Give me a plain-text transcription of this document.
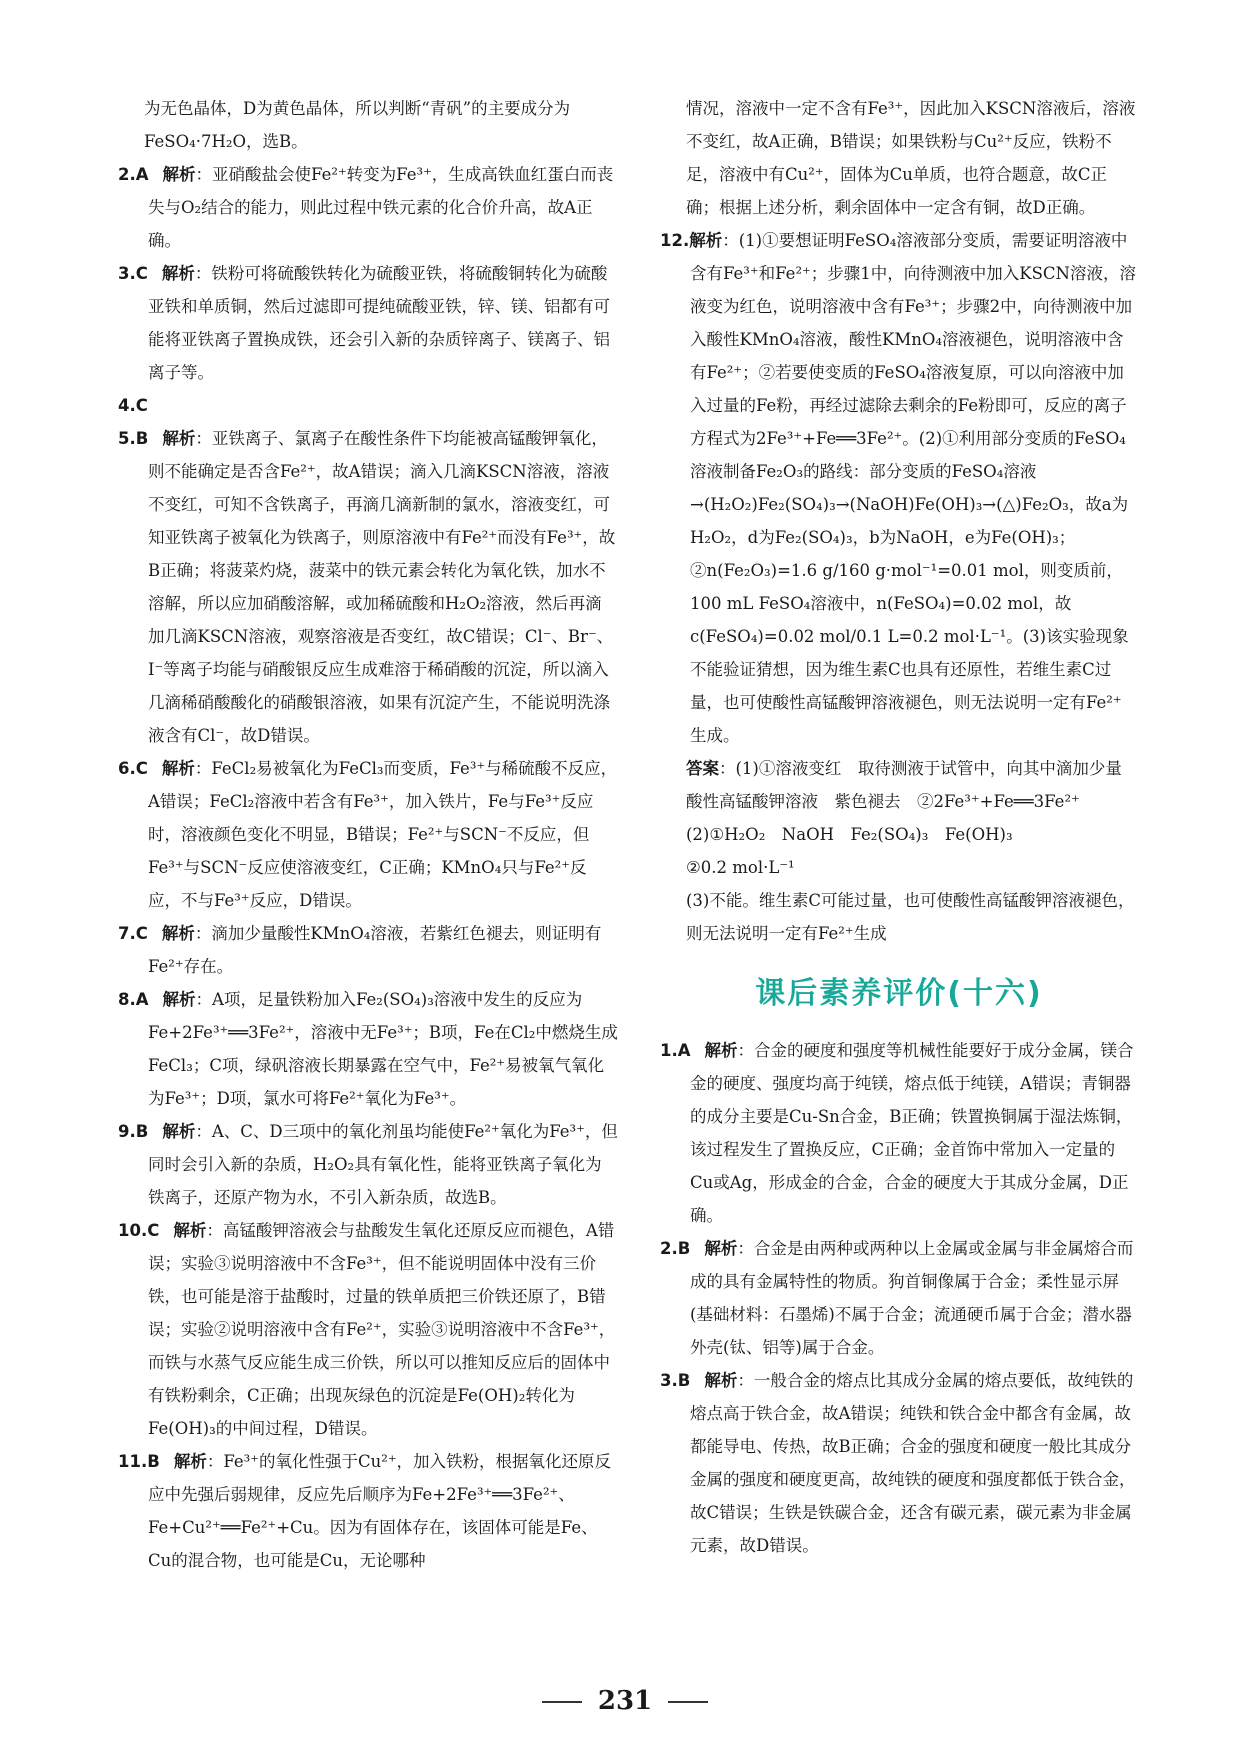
为无色晶体，D为黄色晶体，所以判断“青矾”的主要成分为FeSO₄·7H₂O，选B。

2.A 解析：亚硝酸盐会使Fe²⁺转变为Fe³⁺，生成高铁血红蛋白而丧失与O₂结合的能力，则此过程中铁元素的化合价升高，故A正确。

3.C 解析：铁粉可将硫酸铁转化为硫酸亚铁，将硫酸铜转化为硫酸亚铁和单质铜，然后过滤即可提纯硫酸亚铁，锌、镁、铝都有可能将亚铁离子置换成铁，还会引入新的杂质锌离子、镁离子、铝离子等。

4.C

5.B 解析：亚铁离子、氯离子在酸性条件下均能被高锰酸钾氧化，则不能确定是否含Fe²⁺，故A错误；滴入几滴KSCN溶液，溶液不变红，可知不含铁离子，再滴几滴新制的氯水，溶液变红，可知亚铁离子被氧化为铁离子，则原溶液中有Fe²⁺而没有Fe³⁺，故B正确；将菠菜灼烧，菠菜中的铁元素会转化为氧化铁，加水不溶解，所以应加硝酸溶解，或加稀硫酸和H₂O₂溶液，然后再滴加几滴KSCN溶液，观察溶液是否变红，故C错误；Cl⁻、Br⁻、I⁻等离子均能与硝酸银反应生成难溶于稀硝酸的沉淀，所以滴入几滴稀硝酸酸化的硝酸银溶液，如果有沉淀产生，不能说明洗涤液含有Cl⁻，故D错误。

6.C 解析：FeCl₂易被氧化为FeCl₃而变质，Fe³⁺与稀硫酸不反应，A错误；FeCl₂溶液中若含有Fe³⁺，加入铁片，Fe与Fe³⁺反应时，溶液颜色变化不明显，B错误；Fe²⁺与SCN⁻不反应，但Fe³⁺与SCN⁻反应使溶液变红，C正确；KMnO₄只与Fe²⁺反应，不与Fe³⁺反应，D错误。

7.C 解析：滴加少量酸性KMnO₄溶液，若紫红色褪去，则证明有Fe²⁺存在。

8.A 解析：A项，足量铁粉加入Fe₂(SO₄)₃溶液中发生的反应为Fe+2Fe³⁺══3Fe²⁺，溶液中无Fe³⁺；B项，Fe在Cl₂中燃烧生成FeCl₃；C项，绿矾溶液长期暴露在空气中，Fe²⁺易被氧气氧化为Fe³⁺；D项，氯水可将Fe²⁺氧化为Fe³⁺。

9.B 解析：A、C、D三项中的氧化剂虽均能使Fe²⁺氧化为Fe³⁺，但同时会引入新的杂质，H₂O₂具有氧化性，能将亚铁离子氧化为铁离子，还原产物为水，不引入新杂质，故选B。

10.C 解析：高锰酸钾溶液会与盐酸发生氧化还原反应而褪色，A错误；实验③说明溶液中不含Fe³⁺，但不能说明固体中没有三价铁，也可能是溶于盐酸时，过量的铁单质把三价铁还原了，B错误；实验②说明溶液中含有Fe²⁺，实验③说明溶液中不含Fe³⁺，而铁与水蒸气反应能生成三价铁，所以可以推知反应后的固体中有铁粉剩余，C正确；出现灰绿色的沉淀是Fe(OH)₂转化为Fe(OH)₃的中间过程，D错误。

11.B 解析：Fe³⁺的氧化性强于Cu²⁺，加入铁粉，根据氧化还原反应中先强后弱规律，反应先后顺序为Fe+2Fe³⁺══3Fe²⁺、Fe+Cu²⁺══Fe²⁺+Cu。因为有固体存在，该固体可能是Fe、Cu的混合物，也可能是Cu，无论哪种

情况，溶液中一定不含有Fe³⁺，因此加入KSCN溶液后，溶液不变红，故A正确，B错误；如果铁粉与Cu²⁺反应，铁粉不足，溶液中有Cu²⁺，固体为Cu单质，也符合题意，故C正确；根据上述分析，剩余固体中一定含有铜，故D正确。

12.解析：(1)①要想证明FeSO₄溶液部分变质，需要证明溶液中含有Fe³⁺和Fe²⁺；步骤1中，向待测液中加入KSCN溶液，溶液变为红色，说明溶液中含有Fe³⁺；步骤2中，向待测液中加入酸性KMnO₄溶液，酸性KMnO₄溶液褪色，说明溶液中含有Fe²⁺；②若要使变质的FeSO₄溶液复原，可以向溶液中加入过量的Fe粉，再经过滤除去剩余的Fe粉即可，反应的离子方程式为2Fe³⁺+Fe══3Fe²⁺。(2)①利用部分变质的FeSO₄溶液制备Fe₂O₃的路线：部分变质的FeSO₄溶液→(H₂O₂)Fe₂(SO₄)₃→(NaOH)Fe(OH)₃→(△)Fe₂O₃，故a为H₂O₂，d为Fe₂(SO₄)₃，b为NaOH，e为Fe(OH)₃；②n(Fe₂O₃)=1.6 g/160 g·mol⁻¹=0.01 mol，则变质前，100 mL FeSO₄溶液中，n(FeSO₄)=0.02 mol，故c(FeSO₄)=0.02 mol/0.1 L=0.2 mol·L⁻¹。(3)该实验现象不能验证猜想，因为维生素C也具有还原性，若维生素C过量，也可使酸性高锰酸钾溶液褪色，则无法说明一定有Fe²⁺生成。

答案：(1)①溶液变红　取待测液于试管中，向其中滴加少量酸性高锰酸钾溶液　紫色褪去　②2Fe³⁺+Fe══3Fe²⁺

(2)①H₂O₂　NaOH　Fe₂(SO₄)₃　Fe(OH)₃

②0.2 mol·L⁻¹

(3)不能。维生素C可能过量，也可使酸性高锰酸钾溶液褪色，则无法说明一定有Fe²⁺生成

课后素养评价(十六)

1.A 解析：合金的硬度和强度等机械性能要好于成分金属，镁合金的硬度、强度均高于纯镁，熔点低于纯镁，A错误；青铜器的成分主要是Cu-Sn合金，B正确；铁置换铜属于湿法炼铜，该过程发生了置换反应，C正确；金首饰中常加入一定量的Cu或Ag，形成金的合金，合金的硬度大于其成分金属，D正确。

2.B 解析：合金是由两种或两种以上金属或金属与非金属熔合而成的具有金属特性的物质。狗首铜像属于合金；柔性显示屏(基础材料：石墨烯)不属于合金；流通硬币属于合金；潜水器外壳(钛、铝等)属于合金。

3.B 解析：一般合金的熔点比其成分金属的熔点要低，故纯铁的熔点高于铁合金，故A错误；纯铁和铁合金中都含有金属，故都能导电、传热，故B正确；合金的强度和硬度一般比其成分金属的强度和硬度更高，故纯铁的硬度和强度都低于铁合金，故C错误；生铁是铁碳合金，还含有碳元素，碳元素为非金属元素，故D错误。

231
